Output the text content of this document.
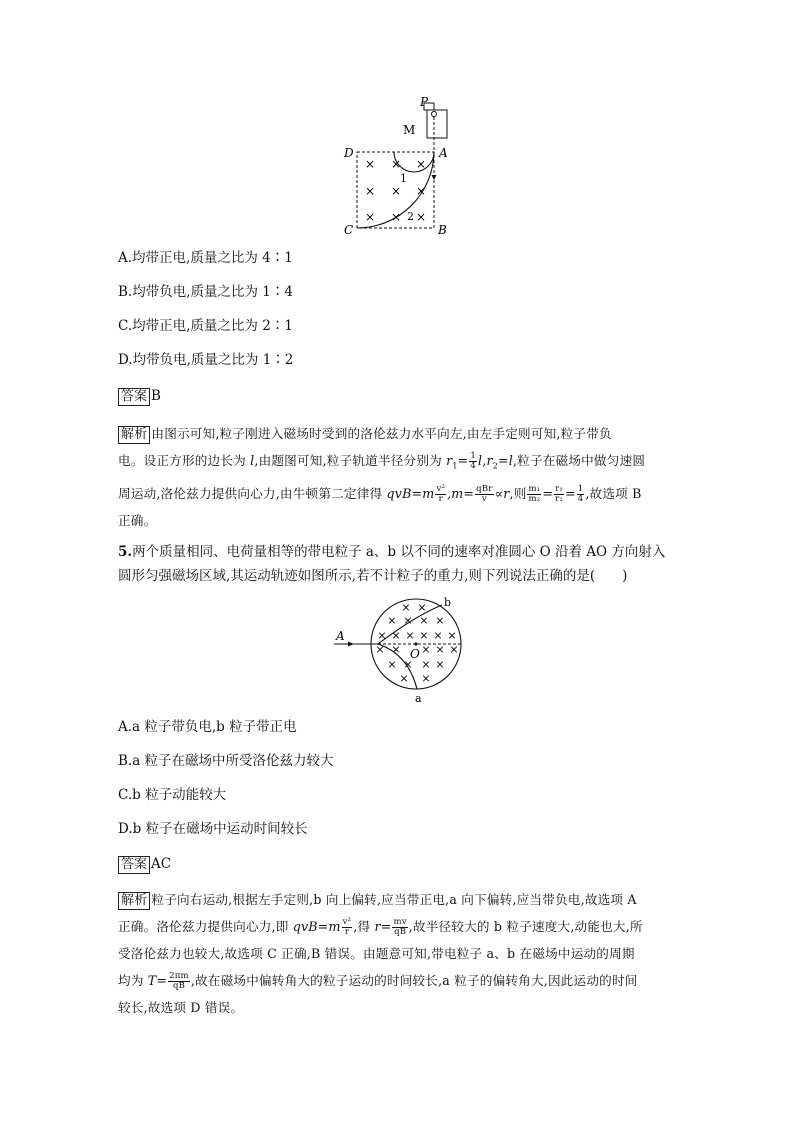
P
M
D	A
C	B
× × ×
× × ×
× × ×
1
2
A.均带正电,质量之比为 4∶1
B.均带负电,质量之比为 1∶4
C.均带正电,质量之比为 2∶1
D.均带负电,质量之比为 1∶2
答案 B
解析 由图示可知,粒子刚进入磁场时受到的洛伦兹力水平向左,由左手定则可知,粒子带负
电。设正方形的边长为 l,由题图可知,粒子轨道半径分别为 $r_1= \frac{1}{4} l,r_2=l$,粒子在磁场中做匀速圆
周运动,洛伦兹力提供向心力,由牛顿第二定律得 $qvB=m \frac{\text{v²}}{r} ,m= \frac{\text{qBr}}{v} \propto r$,则 $\frac{\text{m₁}}{\text{m₂}} = \frac{\text{r₁}}{\text{r₂}} = \frac{1}{4}$ ,故选项 B
正确。
5.两个质量相同、电荷量相等的带电粒子 a、b 以不同的速率对准圆心 O 沿着 AO 方向射入
圆形匀强磁场区域,其运动轨迹如图所示,若不计粒子的重力,则下列说法正确的是(　　)
A
O
b
a
× ×
× × × ×
× × × × × ×
× × × × ×
× × × ×
× ×
A.a 粒子带负电,b 粒子带正电
B.a 粒子在磁场中所受洛伦兹力较大
C.b 粒子动能较大
D.b 粒子在磁场中运动时间较长
答案 AC
解析 粒子向右运动,根据左手定则,b 向上偏转,应当带正电,a 向下偏转,应当带负电,故选项 A
正确。洛伦兹力提供向心力,即 $qvB=m \frac{\text{v²}}{r}$ ,得 $r= \frac{mv}{qB}$ ,故半径较大的 b 粒子速度大,动能也大,所
受洛伦兹力也较大,故选项 C 正确,B 错误。由题意可知,带电粒子 a、b 在磁场中运动的周期
均为 $T= \frac{2\pi m}{qB}$ ,故在磁场中偏转角大的粒子运动的时间较长,a 粒子的偏转角大,因此运动的时间
较长,故选项 D 错误。
